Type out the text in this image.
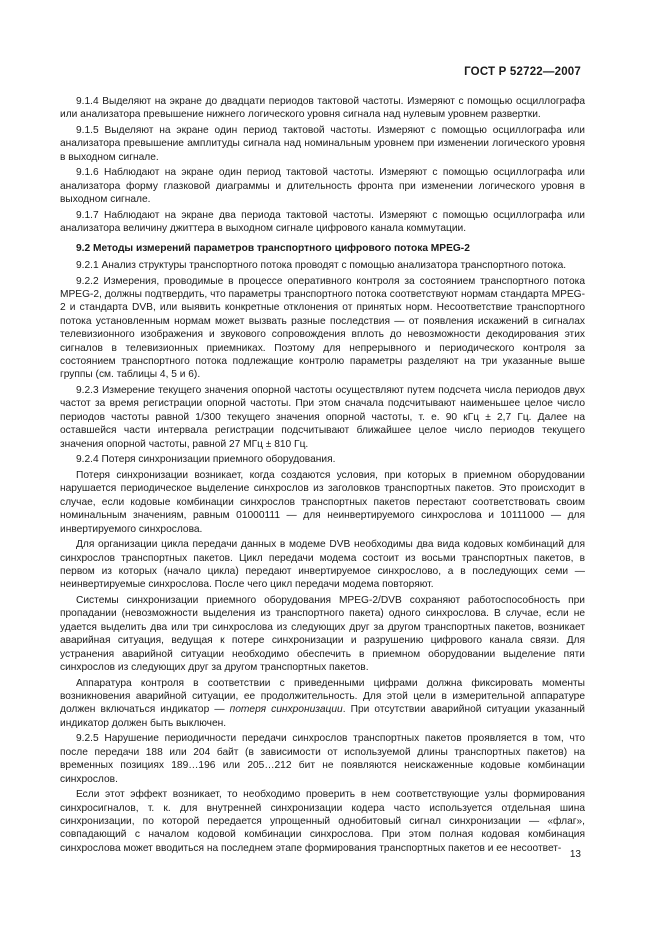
ГОСТ Р 52722—2007

9.1.4 Выделяют на экране до двадцати периодов тактовой частоты. Измеряют с помощью осциллографа или анализатора превышение нижнего логического уровня сигнала над нулевым уровнем развертки.

9.1.5 Выделяют на экране один период тактовой частоты. Измеряют с помощью осциллографа или анализатора превышение амплитуды сигнала над номинальным уровнем при изменении логического уровня в выходном сигнале.

9.1.6 Наблюдают на экране один период тактовой частоты. Измеряют с помощью осциллографа или анализатора форму глазковой диаграммы и длительность фронта при изменении логического уровня в выходном сигнале.

9.1.7 Наблюдают на экране два периода тактовой частоты. Измеряют с помощью осциллографа или анализатора величину джиттера в выходном сигнале цифрового канала коммутации.

9.2 Методы измерений параметров транспортного цифрового потока MPEG-2

9.2.1 Анализ структуры транспортного потока проводят с помощью анализатора транспортного потока.

9.2.2 Измерения, проводимые в процессе оперативного контроля за состоянием транспортного потока MPEG-2, должны подтвердить, что параметры транспортного потока соответствуют нормам стандарта MPEG-2 и стандарта DVB, или выявить конкретные отклонения от принятых норм. Несоответствие транспортного потока установленным нормам может вызвать разные последствия — от появления искажений в сигналах телевизионного изображения и звукового сопровождения вплоть до невозможности декодирования этих сигналов в телевизионных приемниках. Поэтому для непрерывного и периодического контроля за состоянием транспортного потока подлежащие контролю параметры разделяют на три указанные выше группы (см. таблицы 4, 5 и 6).

9.2.3 Измерение текущего значения опорной частоты осуществляют путем подсчета числа периодов двух частот за время регистрации опорной частоты. При этом сначала подсчитывают наименьшее целое число периодов частоты равной 1/300 текущего значения опорной частоты, т. е. 90 кГц ± 2,7 Гц. Далее на оставшейся части интервала регистрации подсчитывают ближайшее целое число периодов текущего значения опорной частоты, равной 27 МГц ± 810 Гц.

9.2.4 Потеря синхронизации приемного оборудования.

Потеря синхронизации возникает, когда создаются условия, при которых в приемном оборудовании нарушается периодическое выделение синхрослов из заголовков транспортных пакетов. Это происходит в случае, если кодовые комбинации синхрослов транспортных пакетов перестают соответствовать своим номинальным значениям, равным 01000111 — для неинвертируемого синхрослова и 10111000 — для инвертируемого синхрослова.

Для организации цикла передачи данных в модеме DVB необходимы два вида кодовых комбинаций для синхрослов транспортных пакетов. Цикл передачи модема состоит из восьми транспортных пакетов, в первом из которых (начало цикла) передают инвертируемое синхрослово, а в последующих семи — неинвертируемые синхрослова. После чего цикл передачи модема повторяют.

Системы синхронизации приемного оборудования MPEG-2/DVB сохраняют работоспособность при пропадании (невозможности выделения из транспортного пакета) одного синхрослова. В случае, если не удается выделить два или три синхрослова из следующих друг за другом транспортных пакетов, возникает аварийная ситуация, ведущая к потере синхронизации и разрушению цифрового канала связи. Для устранения аварийной ситуации необходимо обеспечить в приемном оборудовании выделение пяти синхрослов из следующих друг за другом транспортных пакетов.

Аппаратура контроля в соответствии с приведенными цифрами должна фиксировать моменты возникновения аварийной ситуации, ее продолжительность. Для этой цели в измерительной аппаратуре должен включаться индикатор — потеря синхронизации. При отсутствии аварийной ситуации указанный индикатор должен быть выключен.

9.2.5 Нарушение периодичности передачи синхрослов транспортных пакетов проявляется в том, что после передачи 188 или 204 байт (в зависимости от используемой длины транспортных пакетов) на временных позициях 189…196 или 205…212 бит не появляются неискаженные кодовые комбинации синхрослов.

Если этот эффект возникает, то необходимо проверить в нем соответствующие узлы формирования синхросигналов, т. к. для внутренней синхронизации кодера часто используется отдельная шина синхронизации, по которой передается упрощенный однобитовый сигнал синхронизации — «флаг», совпадающий с началом кодовой комбинации синхрослова. При этом полная кодовая комбинация синхрослова может вводиться на последнем этапе формирования транспортных пакетов и ее несоответ-

13
